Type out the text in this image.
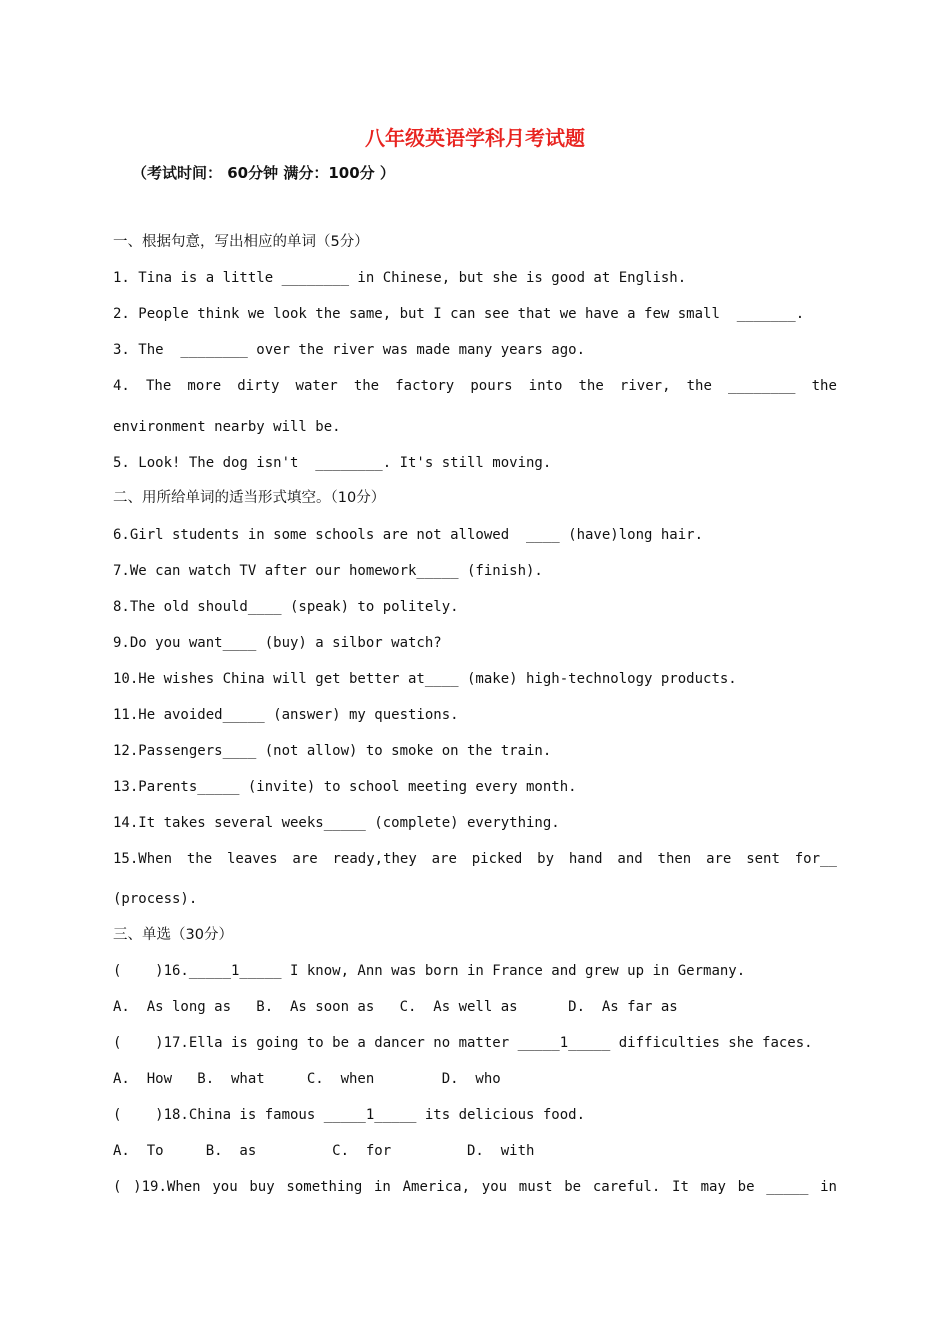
八年级英语学科月考试题
（考试时间： 60分钟 满分：100分 ）
一、根据句意，写出相应的单词（5分）
1. Tina is a little ________ in Chinese, but she is good at English.
2. People think we look the same, but I can see that we have a few small  _______.
3. The  ________ over the river was made many years ago.
4. The more dirty water the factory pours into the river, the ________ the
environment nearby will be.
5. Look! The dog isn't  ________. It's still moving.
二、用所给单词的适当形式填空。（10分）
6.Girl students in some schools are not allowed  ____ (have)long hair.
7.We can watch TV after our homework_____ (finish).
8.The old should____ (speak) to politely.
9.Do you want____ (buy) a silbor watch?
10.He wishes China will get better at____ (make) high-technology products.
11.He avoided_____ (answer) my questions.
12.Passengers____ (not allow) to smoke on the train.
13.Parents_____ (invite) to school meeting every month.
14.It takes several weeks_____ (complete) everything.
15.When the leaves are ready,they are picked by hand and then are sent for__
(process).
三、单选（30分）
(    )16._____1_____ I know, Ann was born in France and grew up in Germany.
A.  As long as   B.  As soon as   C.  As well as      D.  As far as
(    )17.Ella is going to be a dancer no matter _____1_____ difficulties she faces.
A.  How   B.  what     C.  when        D.  who
(    )18.China is famous _____1_____ its delicious food.
A.  To     B.  as         C.  for         D.  with
( )19.When you buy something in America, you must be careful. It may be _____ in
